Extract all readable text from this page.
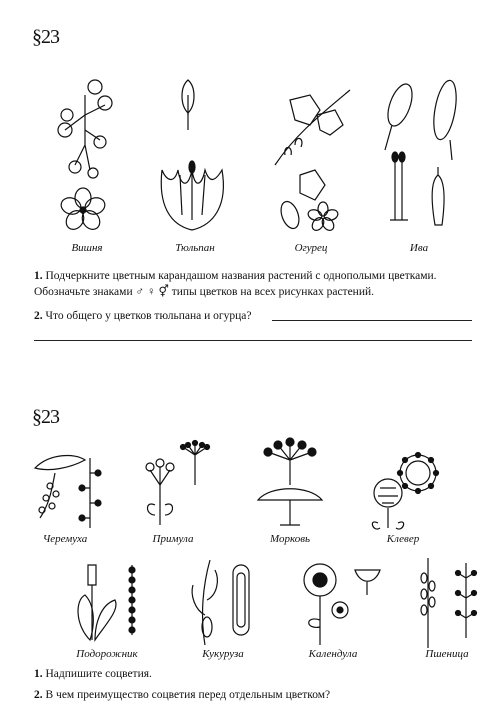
§23
Вишня	Тюльпан	Огурец	Ива
1. Подчеркните цветным карандашом названия растений с однополыми цветками.
Обозначьте знаками ♂ ♀ ⚥ типы цветков на всех рисунках растений.
2. Что общего у цветков тюльпана и огурца?
§23
Черемуха	Примула	Морковь	Клевер
Подорожник	Кукуруза	Календула	Пшеница
1. Надпишите соцветия.
2. В чем преимущество соцветия перед отдельным цветком?
